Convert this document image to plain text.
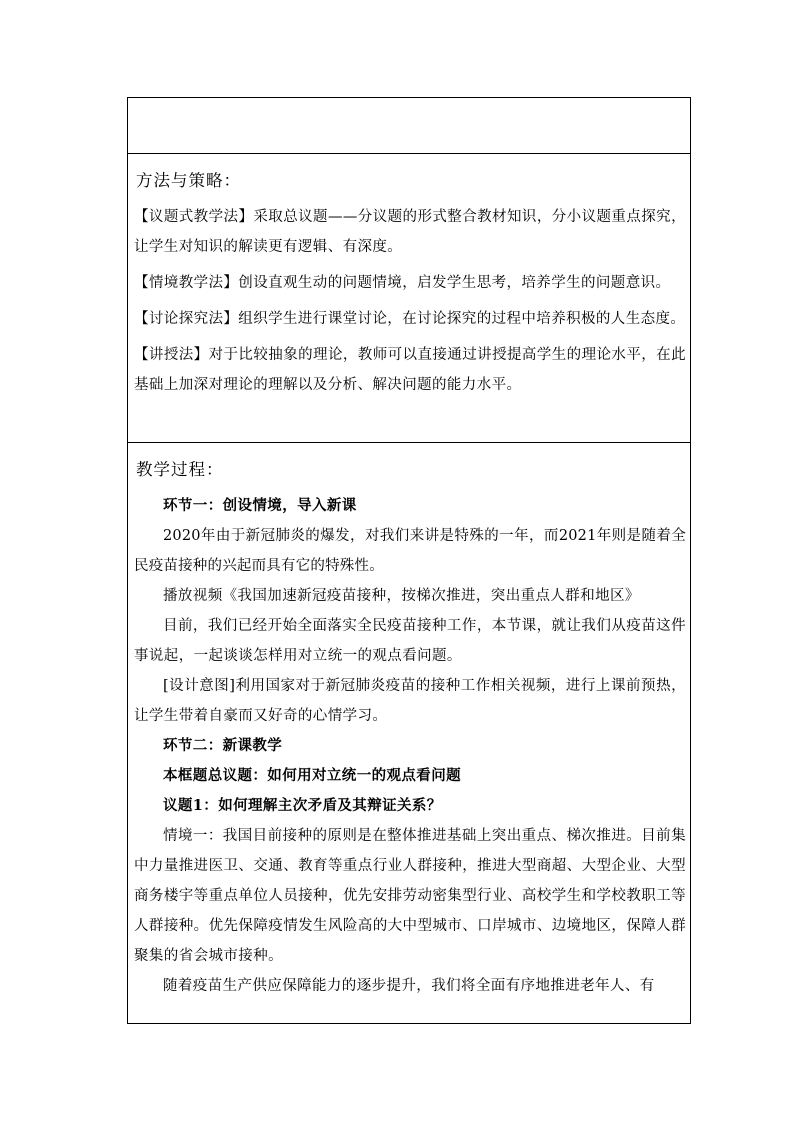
方法与策略：

【议题式教学法】采取总议题——分议题的形式整合教材知识，分小议题重点探究，让学生对知识的解读更有逻辑、有深度。

【情境教学法】创设直观生动的问题情境，启发学生思考，培养学生的问题意识。

【讨论探究法】组织学生进行课堂讨论，在讨论探究的过程中培养积极的人生态度。

【讲授法】对于比较抽象的理论，教师可以直接通过讲授提高学生的理论水平，在此基础上加深对理论的理解以及分析、解决问题的能力水平。

教学过程：

环节一：创设情境，导入新课

2020年由于新冠肺炎的爆发，对我们来讲是特殊的一年，而2021年则是随着全民疫苗接种的兴起而具有它的特殊性。

播放视频《我国加速新冠疫苗接种，按梯次推进，突出重点人群和地区》

目前，我们已经开始全面落实全民疫苗接种工作，本节课，就让我们从疫苗这件事说起，一起谈谈怎样用对立统一的观点看问题。

[设计意图]利用国家对于新冠肺炎疫苗的接种工作相关视频，进行上课前预热，让学生带着自豪而又好奇的心情学习。

环节二：新课教学

本框题总议题：如何用对立统一的观点看问题

议题1：如何理解主次矛盾及其辩证关系？

情境一：我国目前接种的原则是在整体推进基础上突出重点、梯次推进。目前集中力量推进医卫、交通、教育等重点行业人群接种，推进大型商超、大型企业、大型商务楼宇等重点单位人员接种，优先安排劳动密集型行业、高校学生和学校教职工等人群接种。优先保障疫情发生风险高的大中型城市、口岸城市、边境地区，保障人群聚集的省会城市接种。

随着疫苗生产供应保障能力的逐步提升，我们将全面有序地推进老年人、有
